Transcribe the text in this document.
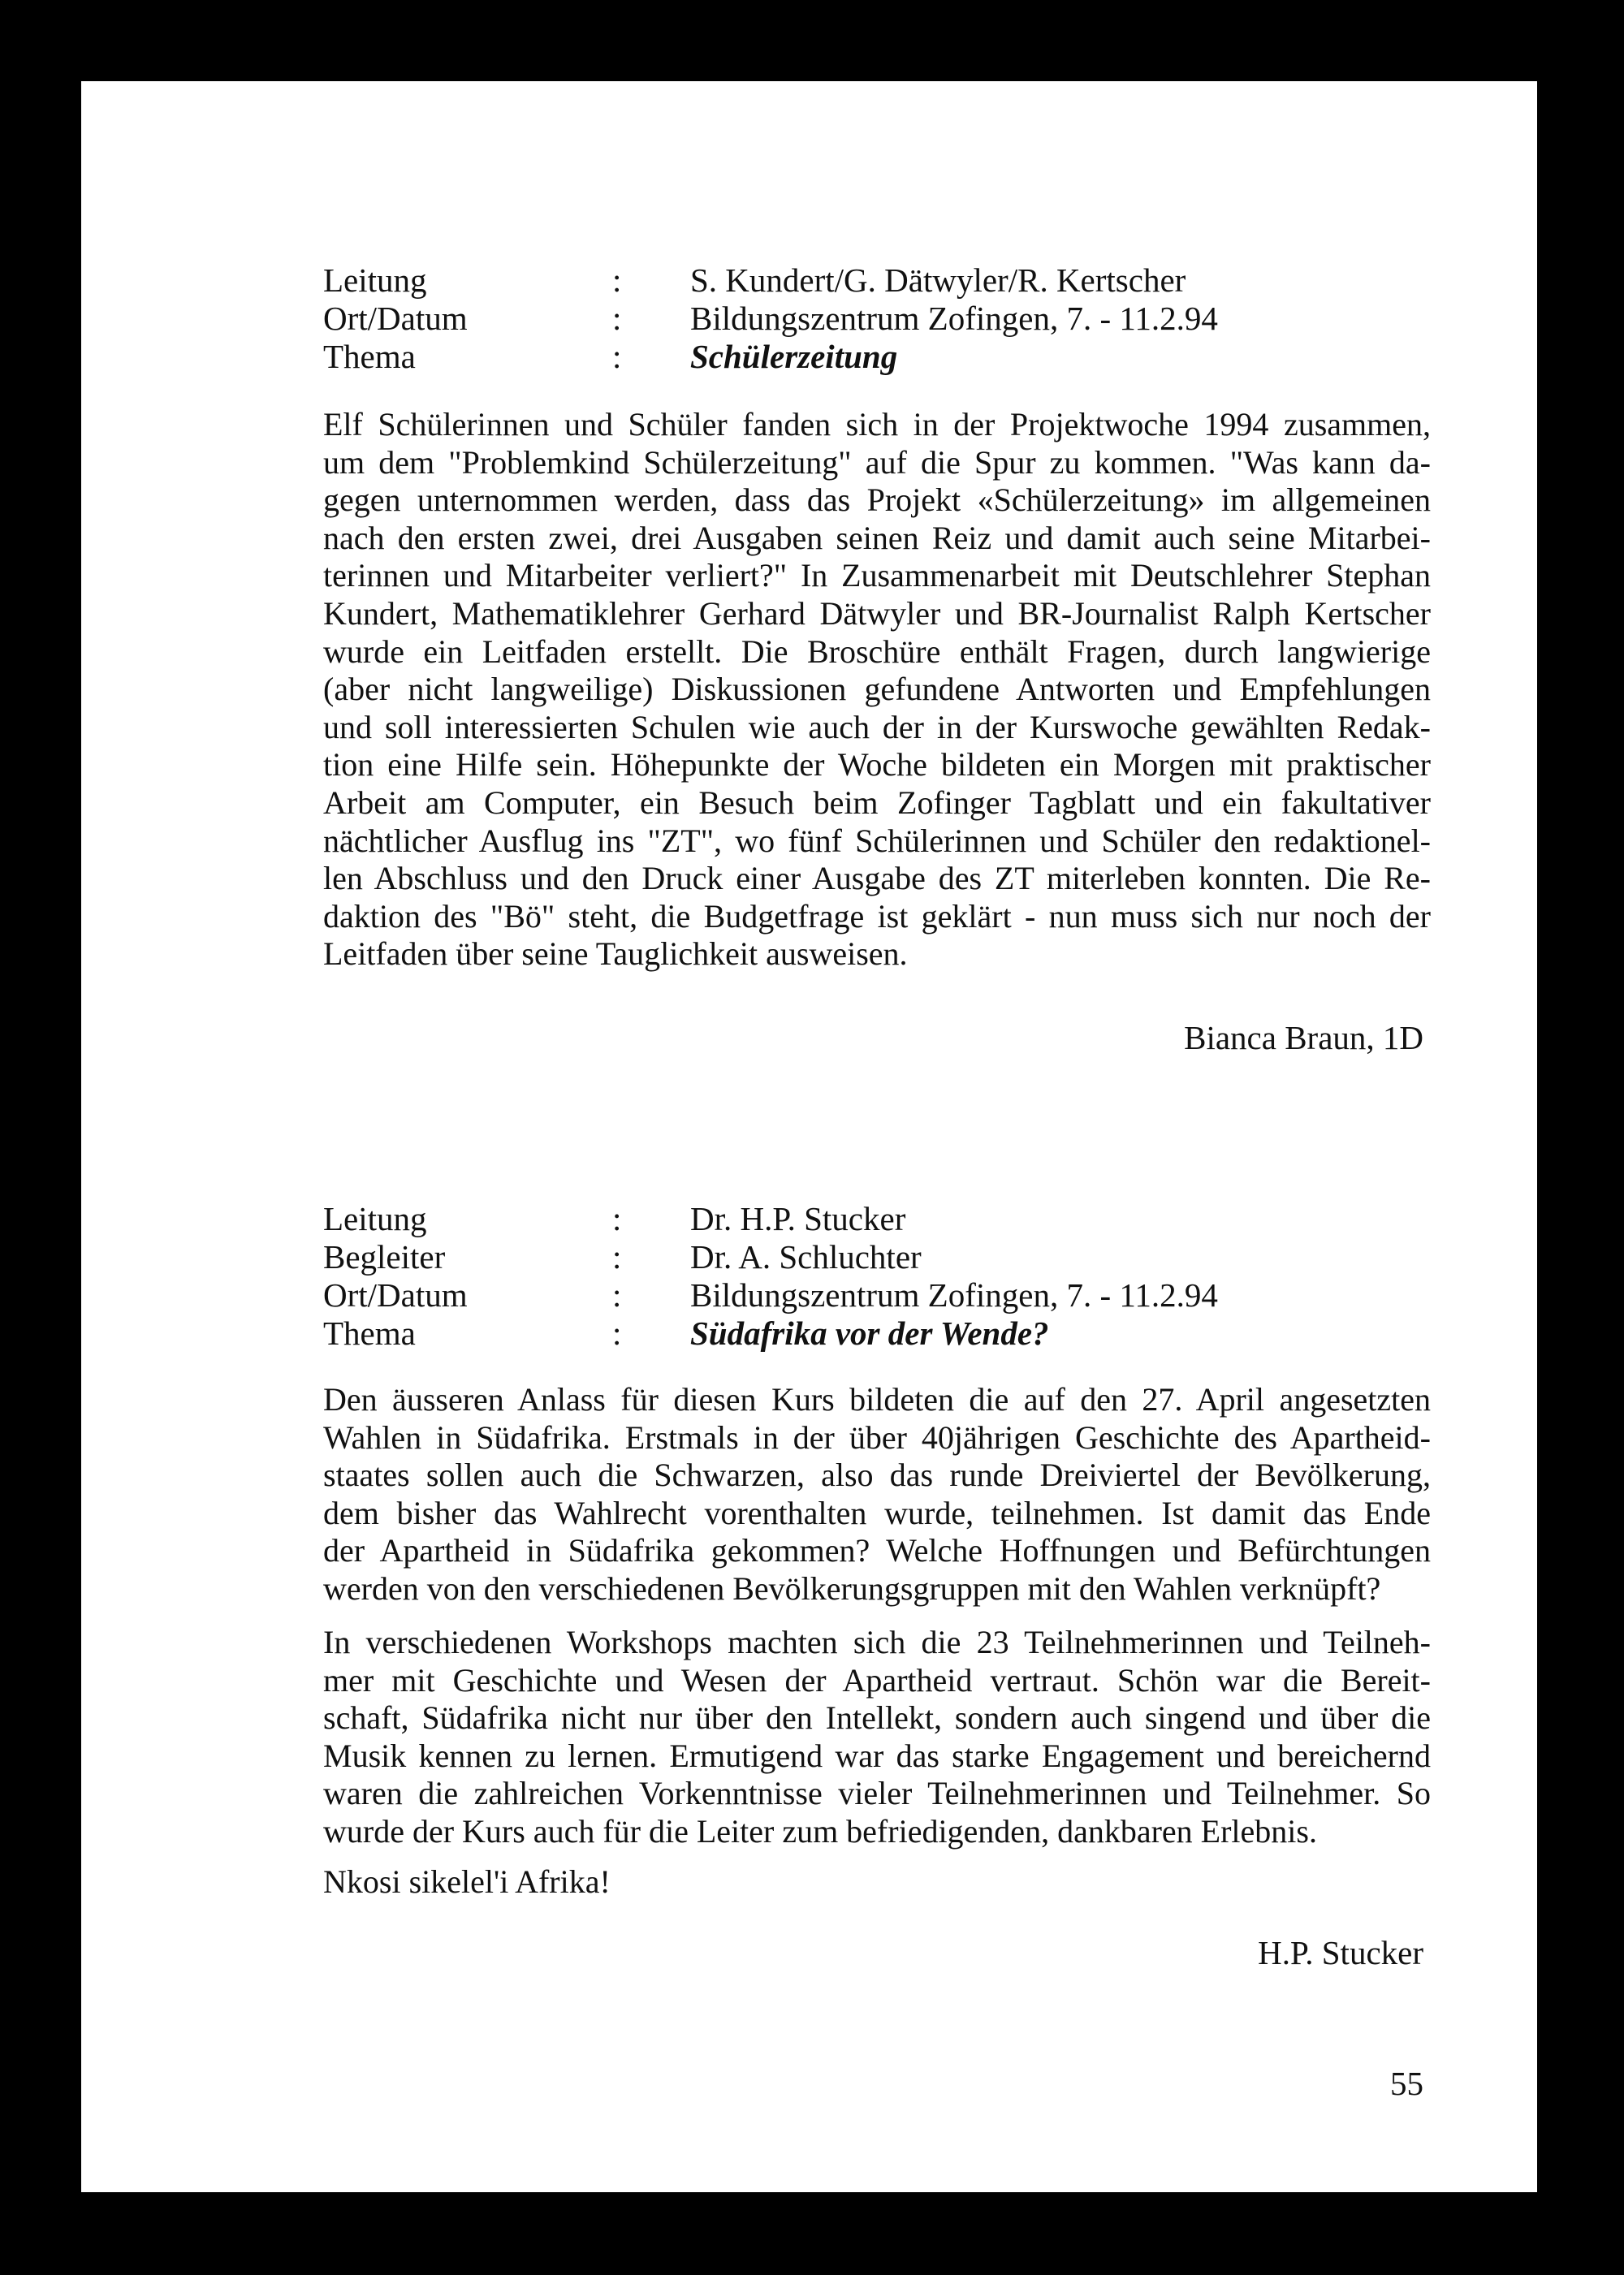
Leitung	:	S. Kundert/G. Dätwyler/R. Kertscher
Ort/Datum	:	Bildungszentrum Zofingen, 7. - 11.2.94
Thema	:	Schülerzeitung

Elf Schülerinnen und Schüler fanden sich in der Projektwoche 1994 zusammen,
um dem "Problemkind Schülerzeitung" auf die Spur zu kommen. "Was kann da-
gegen unternommen werden, dass das Projekt «Schülerzeitung» im allgemeinen
nach den ersten zwei, drei Ausgaben seinen Reiz und damit auch seine Mitarbei-
terinnen und Mitarbeiter verliert?" In Zusammenarbeit mit Deutschlehrer Stephan
Kundert, Mathematiklehrer Gerhard Dätwyler und BR-Journalist Ralph Kertscher
wurde ein Leitfaden erstellt. Die Broschüre enthält Fragen, durch langwierige
(aber nicht langweilige) Diskussionen gefundene Antworten und Empfehlungen
und soll interessierten Schulen wie auch der in der Kurswoche gewählten Redak-
tion eine Hilfe sein. Höhepunkte der Woche bildeten ein Morgen mit praktischer
Arbeit am Computer, ein Besuch beim Zofinger Tagblatt und ein fakultativer
nächtlicher Ausflug ins "ZT", wo fünf Schülerinnen und Schüler den redaktionel-
len Abschluss und den Druck einer Ausgabe des ZT miterleben konnten. Die Re-
daktion des "Bö" steht, die Budgetfrage ist geklärt - nun muss sich nur noch der
Leitfaden über seine Tauglichkeit ausweisen.

Bianca Braun, 1D
Leitung	:	Dr. H.P. Stucker
Begleiter	:	Dr. A. Schluchter
Ort/Datum	:	Bildungszentrum Zofingen, 7. - 11.2.94
Thema	:	Südafrika vor der Wende?

Den äusseren Anlass für diesen Kurs bildeten die auf den 27. April angesetzten
Wahlen in Südafrika. Erstmals in der über 40jährigen Geschichte des Apartheid-
staates sollen auch die Schwarzen, also das runde Dreiviertel der Bevölkerung,
dem bisher das Wahlrecht vorenthalten wurde, teilnehmen. Ist damit das Ende
der Apartheid in Südafrika gekommen? Welche Hoffnungen und Befürchtungen
werden von den verschiedenen Bevölkerungsgruppen mit den Wahlen verknüpft?

In verschiedenen Workshops machten sich die 23 Teilnehmerinnen und Teilneh-
mer mit Geschichte und Wesen der Apartheid vertraut. Schön war die Bereit-
schaft, Südafrika nicht nur über den Intellekt, sondern auch singend und über die
Musik kennen zu lernen. Ermutigend war das starke Engagement und bereichernd
waren die zahlreichen Vorkenntnisse vieler Teilnehmerinnen und Teilnehmer. So
wurde der Kurs auch für die Leiter zum befriedigenden, dankbaren Erlebnis.

Nkosi sikelel'i Afrika!

H.P. Stucker
55
